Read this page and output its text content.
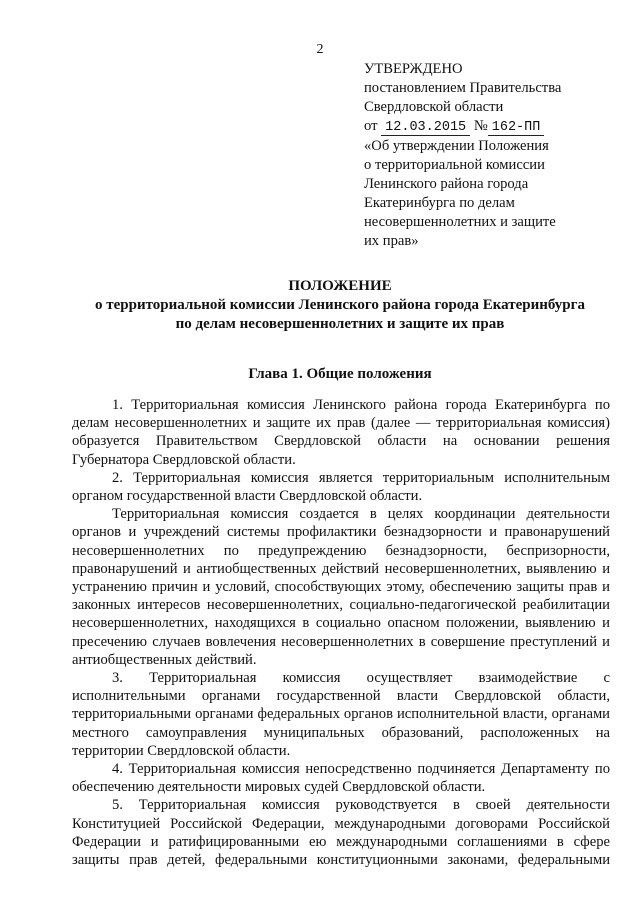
2
УТВЕРЖДЕНО
постановлением Правительства
Свердловской области
от 12.03.2015 № 162-ПП
«Об утверждении Положения
о территориальной комиссии
Ленинского района города
Екатеринбурга по делам
несовершеннолетних и защите
их прав»
ПОЛОЖЕНИЕ
о территориальной комиссии Ленинского района города Екатеринбурга
по делам несовершеннолетних и защите их прав
Глава 1. Общие положения

1. Территориальная комиссия Ленинского района города Екатеринбурга по делам несовершеннолетних и защите их прав (далее — территориальная комиссия) образуется Правительством Свердловской области на основании решения Губернатора Свердловской области.

2. Территориальная комиссия является территориальным исполнительным органом государственной власти Свердловской области.

Территориальная комиссия создается в целях координации деятельности органов и учреждений системы профилактики безнадзорности и правонарушений несовершеннолетних по предупреждению безнадзорности, беспризорности, правонарушений и антиобщественных действий несовершеннолетних, выявлению и устранению причин и условий, способствующих этому, обеспечению защиты прав и законных интересов несовершеннолетних, социально-педагогической реабилитации несовершеннолетних, находящихся в социально опасном положении, выявлению и пресечению случаев вовлечения несовершеннолетних в совершение преступлений и антиобщественных действий.

3. Территориальная комиссия осуществляет взаимодействие с исполнительными органами государственной власти Свердловской области, территориальными органами федеральных органов исполнительной власти, органами местного самоуправления муниципальных образований, расположенных на территории Свердловской области.

4. Территориальная комиссия непосредственно подчиняется Департаменту по обеспечению деятельности мировых судей Свердловской области.

5. Территориальная комиссия руководствуется в своей деятельности Конституцией Российской Федерации, международными договорами Российской Федерации и ратифицированными ею международными соглашениями в сфере защиты прав детей, федеральными конституционными законами, федеральными
